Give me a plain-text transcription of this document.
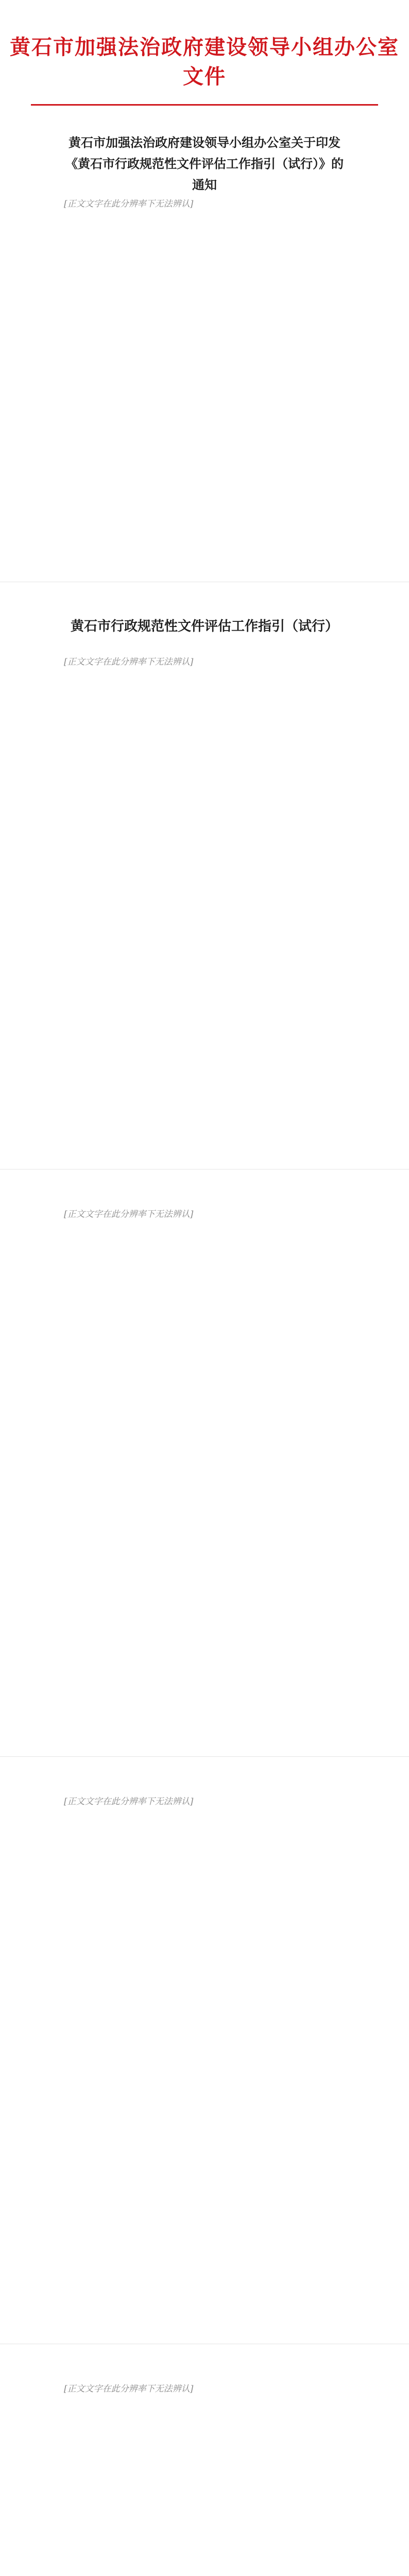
黄石市加强法治政府建设领导小组办公室文件
黄石市加强法治政府建设领导小组办公室关于印发《黄石市行政规范性文件评估工作指引（试行）》的通知

[正文文字在此分辨率下无法辨认]

黄石市行政规范性文件评估工作指引（试行）

[正文文字在此分辨率下无法辨认]

[正文文字在此分辨率下无法辨认]

[正文文字在此分辨率下无法辨认]

[正文文字在此分辨率下无法辨认]
